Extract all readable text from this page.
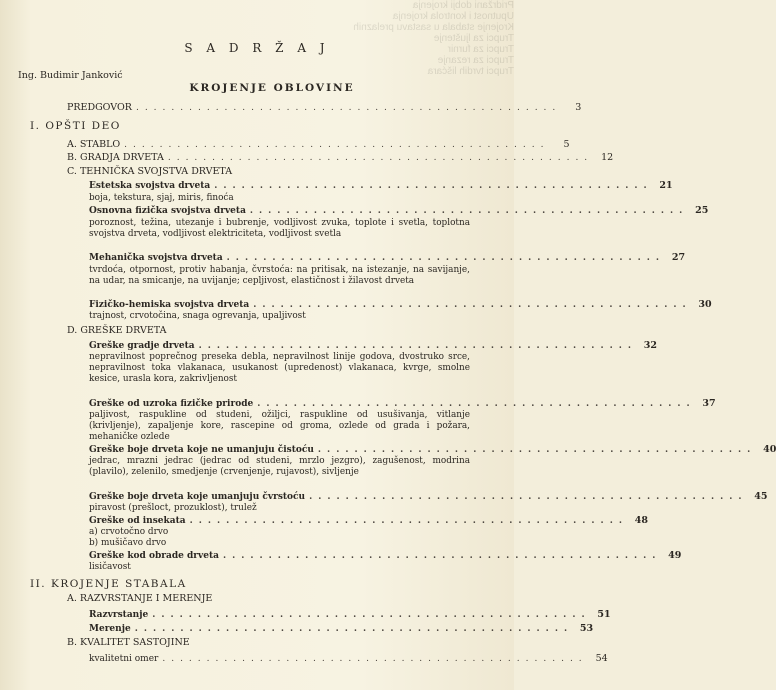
Pridržani dobji krojenja
Uputnost i kontrola krojenja
Krojenje stabala u sastavu prelaznih
Trupci za ljuštenje
Trupci za furnir
Trupci za rezanje
Trupci tvrdih lišćara
S A D R Ž A J
Ing. Budimir Janković
KROJENJE OBLOVINE
PREDGOVOR ................................................	3
I. OPŠTI DEO
A. STABLO ................................................	5
B. GRADJA DRVETA ................................................ 12
C. TEHNIČKA SVOJSTVA DRVETA
Estetska svojstva drveta ................................................ 21
boja, tekstura, sjaj, miris, finoća
Osnovna fizička svojstva drveta ................................................ 25
poroznost, težina, utezanje i bubrenje, vodljivost zvuka, toplote i svetla, toplotna svojstva drveta, vodljivost elektriciteta, vodljivost svetla
Mehanička svojstva drveta ................................................ 27
tvrdoća, otpornost, protiv habanja, čvrstoća: na pritisak, na istezanje, na savijanje, na udar, na smicanje, na uvijanje; cepljivost, elastičnost i žilavost drveta
Fizičko-hemiska svojstva drveta ................................................ 30
trajnost, crvotočina, snaga ogrevanja, upaljivost
D. GREŠKE DRVETA
Greške gradje drveta ................................................ 32
nepravilnost poprečnog preseka debla, nepravilnost linije godova, dvostruko srce, nepravilnost toka vlakanaca, usukanost (upredenost) vlakanaca, kvrge, smolne kesice, urasla kora, zakrivljenost
Greške od uzroka fizičke prirode ................................................ 37
paljivost, raspukline od studeni, ožiljci, raspukline od usušivanja, vitlanje (krivljenje), zapaljenje kore, rascepine od groma, ozlede od grada i požara, mehaničke ozlede
Greške boje drveta koje ne umanjuju čistoću ................................................ 40
jedrac, mrazni jedrac (jedrac od studeni, mrzlo jezgro), zagušenost, modrina (plavilo), zelenilo, smedjenje (crvenjenje, rujavost), sivljenje
Greške boje drveta koje umanjuju čvrstoću ................................................ 45
piravost (prešloct, prozuklost), trulež
Greške od insekata ................................................ 48
a) crvotočno drvo
b) mušičavo drvo
Greške kod obrade drveta ................................................ 49
lisičavost
II. KROJENJE STABALA
A. RAZVRSTANJE I MERENJE
Razvrstanje ................................................ 51
Merenje ................................................ 53
B. KVALITET SASTOJINE
kvalitetni omer ................................................ 54
